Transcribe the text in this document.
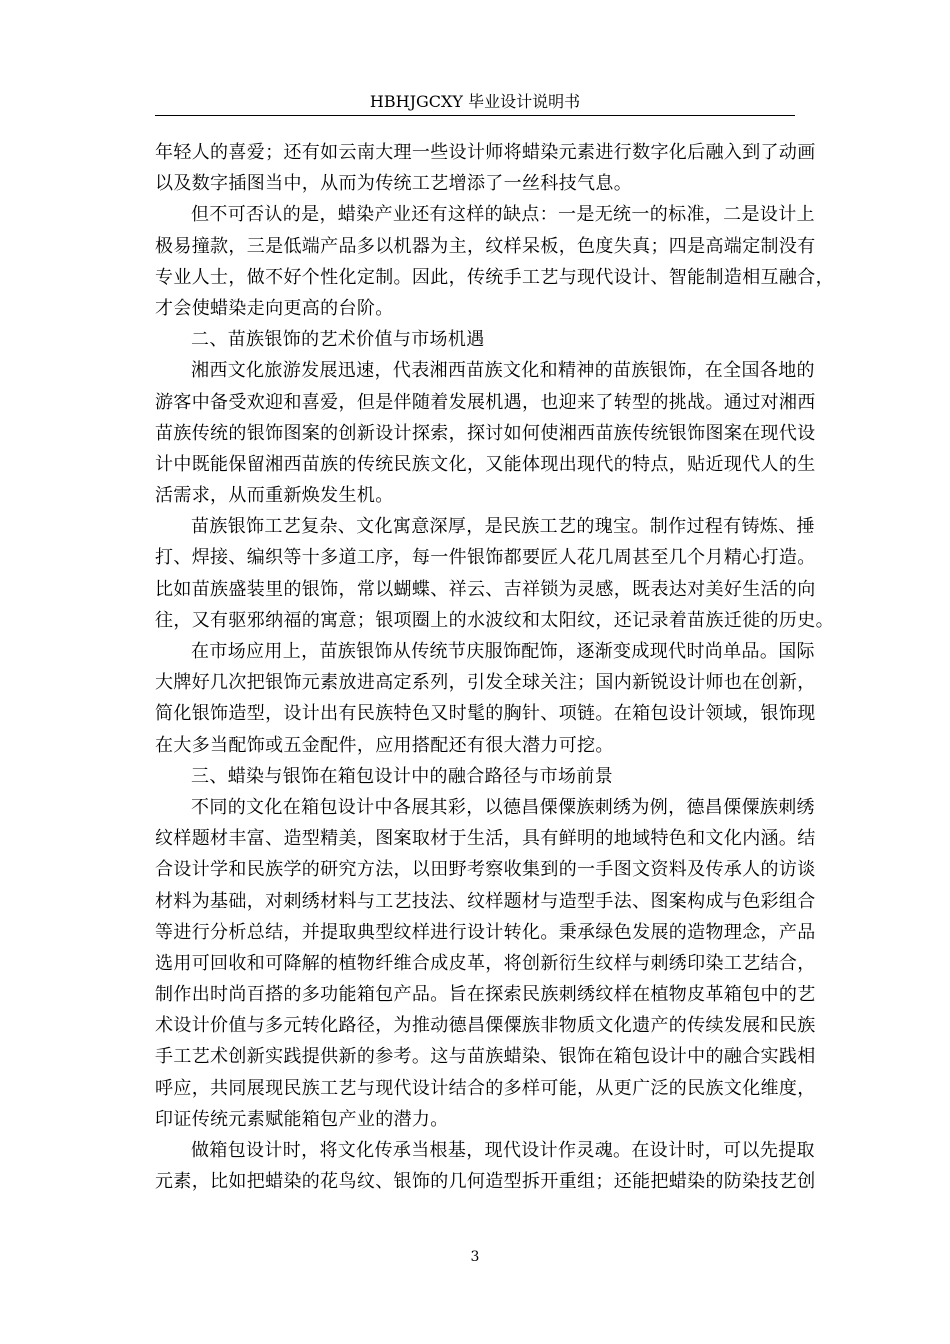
HBHJGCXY 毕业设计说明书
年轻人的喜爱；还有如云南大理一些设计师将蜡染元素进行数字化后融入到了动画
以及数字插图当中，从而为传统工艺增添了一丝科技气息。
但不可否认的是，蜡染产业还有这样的缺点：一是无统一的标准，二是设计上
极易撞款，三是低端产品多以机器为主，纹样呆板，色度失真；四是高端定制没有
专业人士，做不好个性化定制。因此，传统手工艺与现代设计、智能制造相互融合，
才会使蜡染走向更高的台阶。
二、苗族银饰的艺术价值与市场机遇
湘西文化旅游发展迅速，代表湘西苗族文化和精神的苗族银饰，在全国各地的
游客中备受欢迎和喜爱，但是伴随着发展机遇，也迎来了转型的挑战。通过对湘西
苗族传统的银饰图案的创新设计探索，探讨如何使湘西苗族传统银饰图案在现代设
计中既能保留湘西苗族的传统民族文化，又能体现出现代的特点，贴近现代人的生
活需求，从而重新焕发生机。
苗族银饰工艺复杂、文化寓意深厚，是民族工艺的瑰宝。制作过程有铸炼、捶
打、焊接、编织等十多道工序，每一件银饰都要匠人花几周甚至几个月精心打造。
比如苗族盛装里的银饰，常以蝴蝶、祥云、吉祥锁为灵感，既表达对美好生活的向
往，又有驱邪纳福的寓意；银项圈上的水波纹和太阳纹，还记录着苗族迁徙的历史。
在市场应用上，苗族银饰从传统节庆服饰配饰，逐渐变成现代时尚单品。国际
大牌好几次把银饰元素放进高定系列，引发全球关注；国内新锐设计师也在创新，
简化银饰造型，设计出有民族特色又时髦的胸针、项链。在箱包设计领域，银饰现
在大多当配饰或五金配件，应用搭配还有很大潜力可挖。
三、蜡染与银饰在箱包设计中的融合路径与市场前景
不同的文化在箱包设计中各展其彩，以德昌傈僳族刺绣为例，德昌傈僳族刺绣
纹样题材丰富、造型精美，图案取材于生活，具有鲜明的地域特色和文化内涵。结
合设计学和民族学的研究方法，以田野考察收集到的一手图文资料及传承人的访谈
材料为基础，对刺绣材料与工艺技法、纹样题材与造型手法、图案构成与色彩组合
等进行分析总结，并提取典型纹样进行设计转化。秉承绿色发展的造物理念，产品
选用可回收和可降解的植物纤维合成皮革，将创新衍生纹样与刺绣印染工艺结合，
制作出时尚百搭的多功能箱包产品。旨在探索民族刺绣纹样在植物皮革箱包中的艺
术设计价值与多元转化路径，为推动德昌傈僳族非物质文化遗产的传续发展和民族
手工艺术创新实践提供新的参考。这与苗族蜡染、银饰在箱包设计中的融合实践相
呼应，共同展现民族工艺与现代设计结合的多样可能，从更广泛的民族文化维度，
印证传统元素赋能箱包产业的潜力。
做箱包设计时，将文化传承当根基，现代设计作灵魂。在设计时，可以先提取
元素，比如把蜡染的花鸟纹、银饰的几何造型拆开重组；还能把蜡染的防染技艺创
3
